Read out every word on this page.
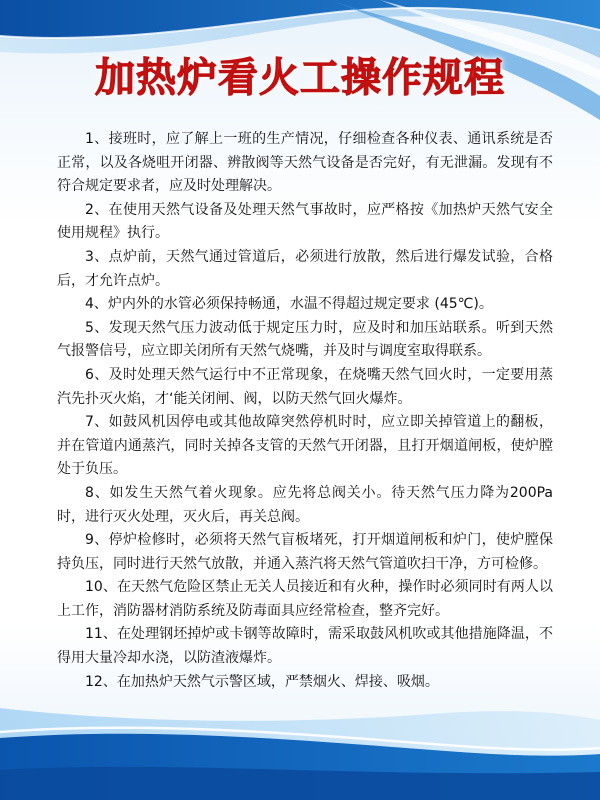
加热炉看火工操作规程

1、接班时，应了解上一班的生产情况，仔细检查各种仪表、通讯系统是否正常，以及各烧咀开闭器、辨散阀等天然气设备是否完好，有无泄漏。发现有不符合规定要求者，应及时处理解决。

2、在使用天然气设备及处理天然气事故时，应严格按《加热炉天然气安全使用规程》执行。

3、点炉前，天然气通过管道后，必须进行放散，然后进行爆发试验，合格后，才允许点炉。

4、炉内外的水管必须保持畅通，水温不得超过规定要求 (45℃)。

5、发现天然气压力波动低于规定压力时，应及时和加压站联系。听到天然气报警信号，应立即关闭所有天然气烧嘴，并及时与调度室取得联系。

6、及时处理天然气运行中不正常现象，在烧嘴天然气回火时，一定要用蒸汽先扑灭火焰，才‘能关闭闸、阀，以防天然气回火爆炸。

7、如鼓风机因停电或其他故障突然停机时时，应立即关掉管道上的翻板，并在管道内通蒸汽，同时关掉各支管的天然气开闭器，且打开烟道闸板，使炉膛处于负压。

8、如发生天然气着火现象。应先将总阀关小。待天然气压力降为200Pa 时，进行灭火处理，灭火后，再关总阀。

9、停炉检修时，必须将天然气盲板堵死，打开烟道闸板和炉门，使炉膛保持负压，同时进行天然气放散，并通入蒸汽将天然气管道吹扫干净，方可检修。

10、在天然气危险区禁止无关人员接近和有火种，操作时必须同时有两人以上工作，消防器材消防系统及防毒面具应经常检查，整齐完好。

11、在处理钢坯掉炉或卡钢等故障时，需采取鼓风机吹或其他措施降温，不得用大量冷却水浇，以防渣液爆炸。

12、在加热炉天然气示警区域，严禁烟火、焊接、吸烟。
